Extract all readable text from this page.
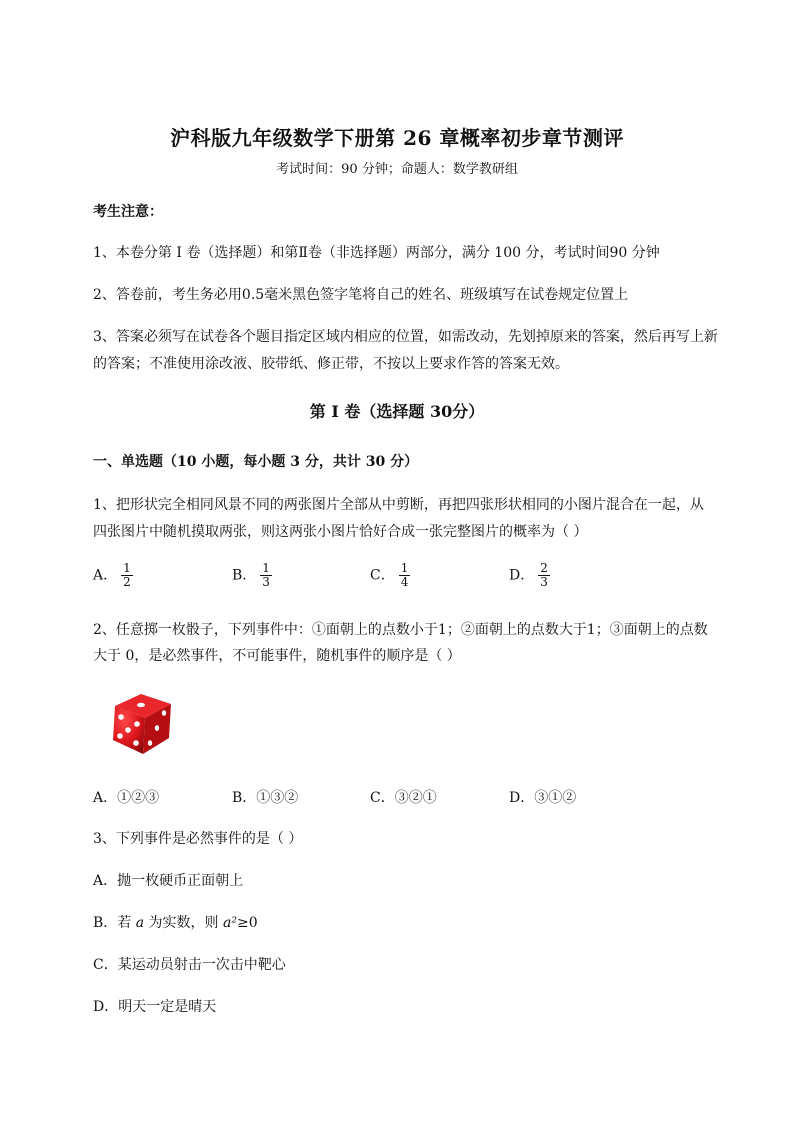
沪科版九年级数学下册第 26 章概率初步章节测评
考试时间：90 分钟；命题人：数学教研组
考生注意：
1、本卷分第 I 卷（选择题）和第Ⅱ卷（非选择题）两部分，满分 100 分，考试时间90 分钟
2、答卷前，考生务必用0.5毫米黑色签字笔将自己的姓名、班级填写在试卷规定位置上
3、答案必须写在试卷各个题目指定区域内相应的位置，如需改动，先划掉原来的答案，然后再写上新
的答案；不准使用涂改液、胶带纸、修正带，不按以上要求作答的答案无效。
第 I 卷（选择题 30分）
一、单选题（10 小题，每小题 3 分，共计 30 分）
1、把形状完全相同风景不同的两张图片全部从中剪断，再把四张形状相同的小图片混合在一起，从
四张图片中随机摸取两张，则这两张小图片恰好合成一张完整图片的概率为（ ）
A． $\frac{1}{2}$	B． $\frac{1}{3}$	C． $\frac{1}{4}$	D． $\frac{2}{3}$
2、任意掷一枚骰子，下列事件中：①面朝上的点数小于1；②面朝上的点数大于1；③面朝上的点数
大于 0，是必然事件，不可能事件，随机事件的顺序是（ ）
A．①②③	B．①③②	C．③②①	D．③①②
3、下列事件是必然事件的是（ ）
A．抛一枚硬币正面朝上
B．若 a 为实数，则 a²≥0
C．某运动员射击一次击中靶心
D．明天一定是晴天
